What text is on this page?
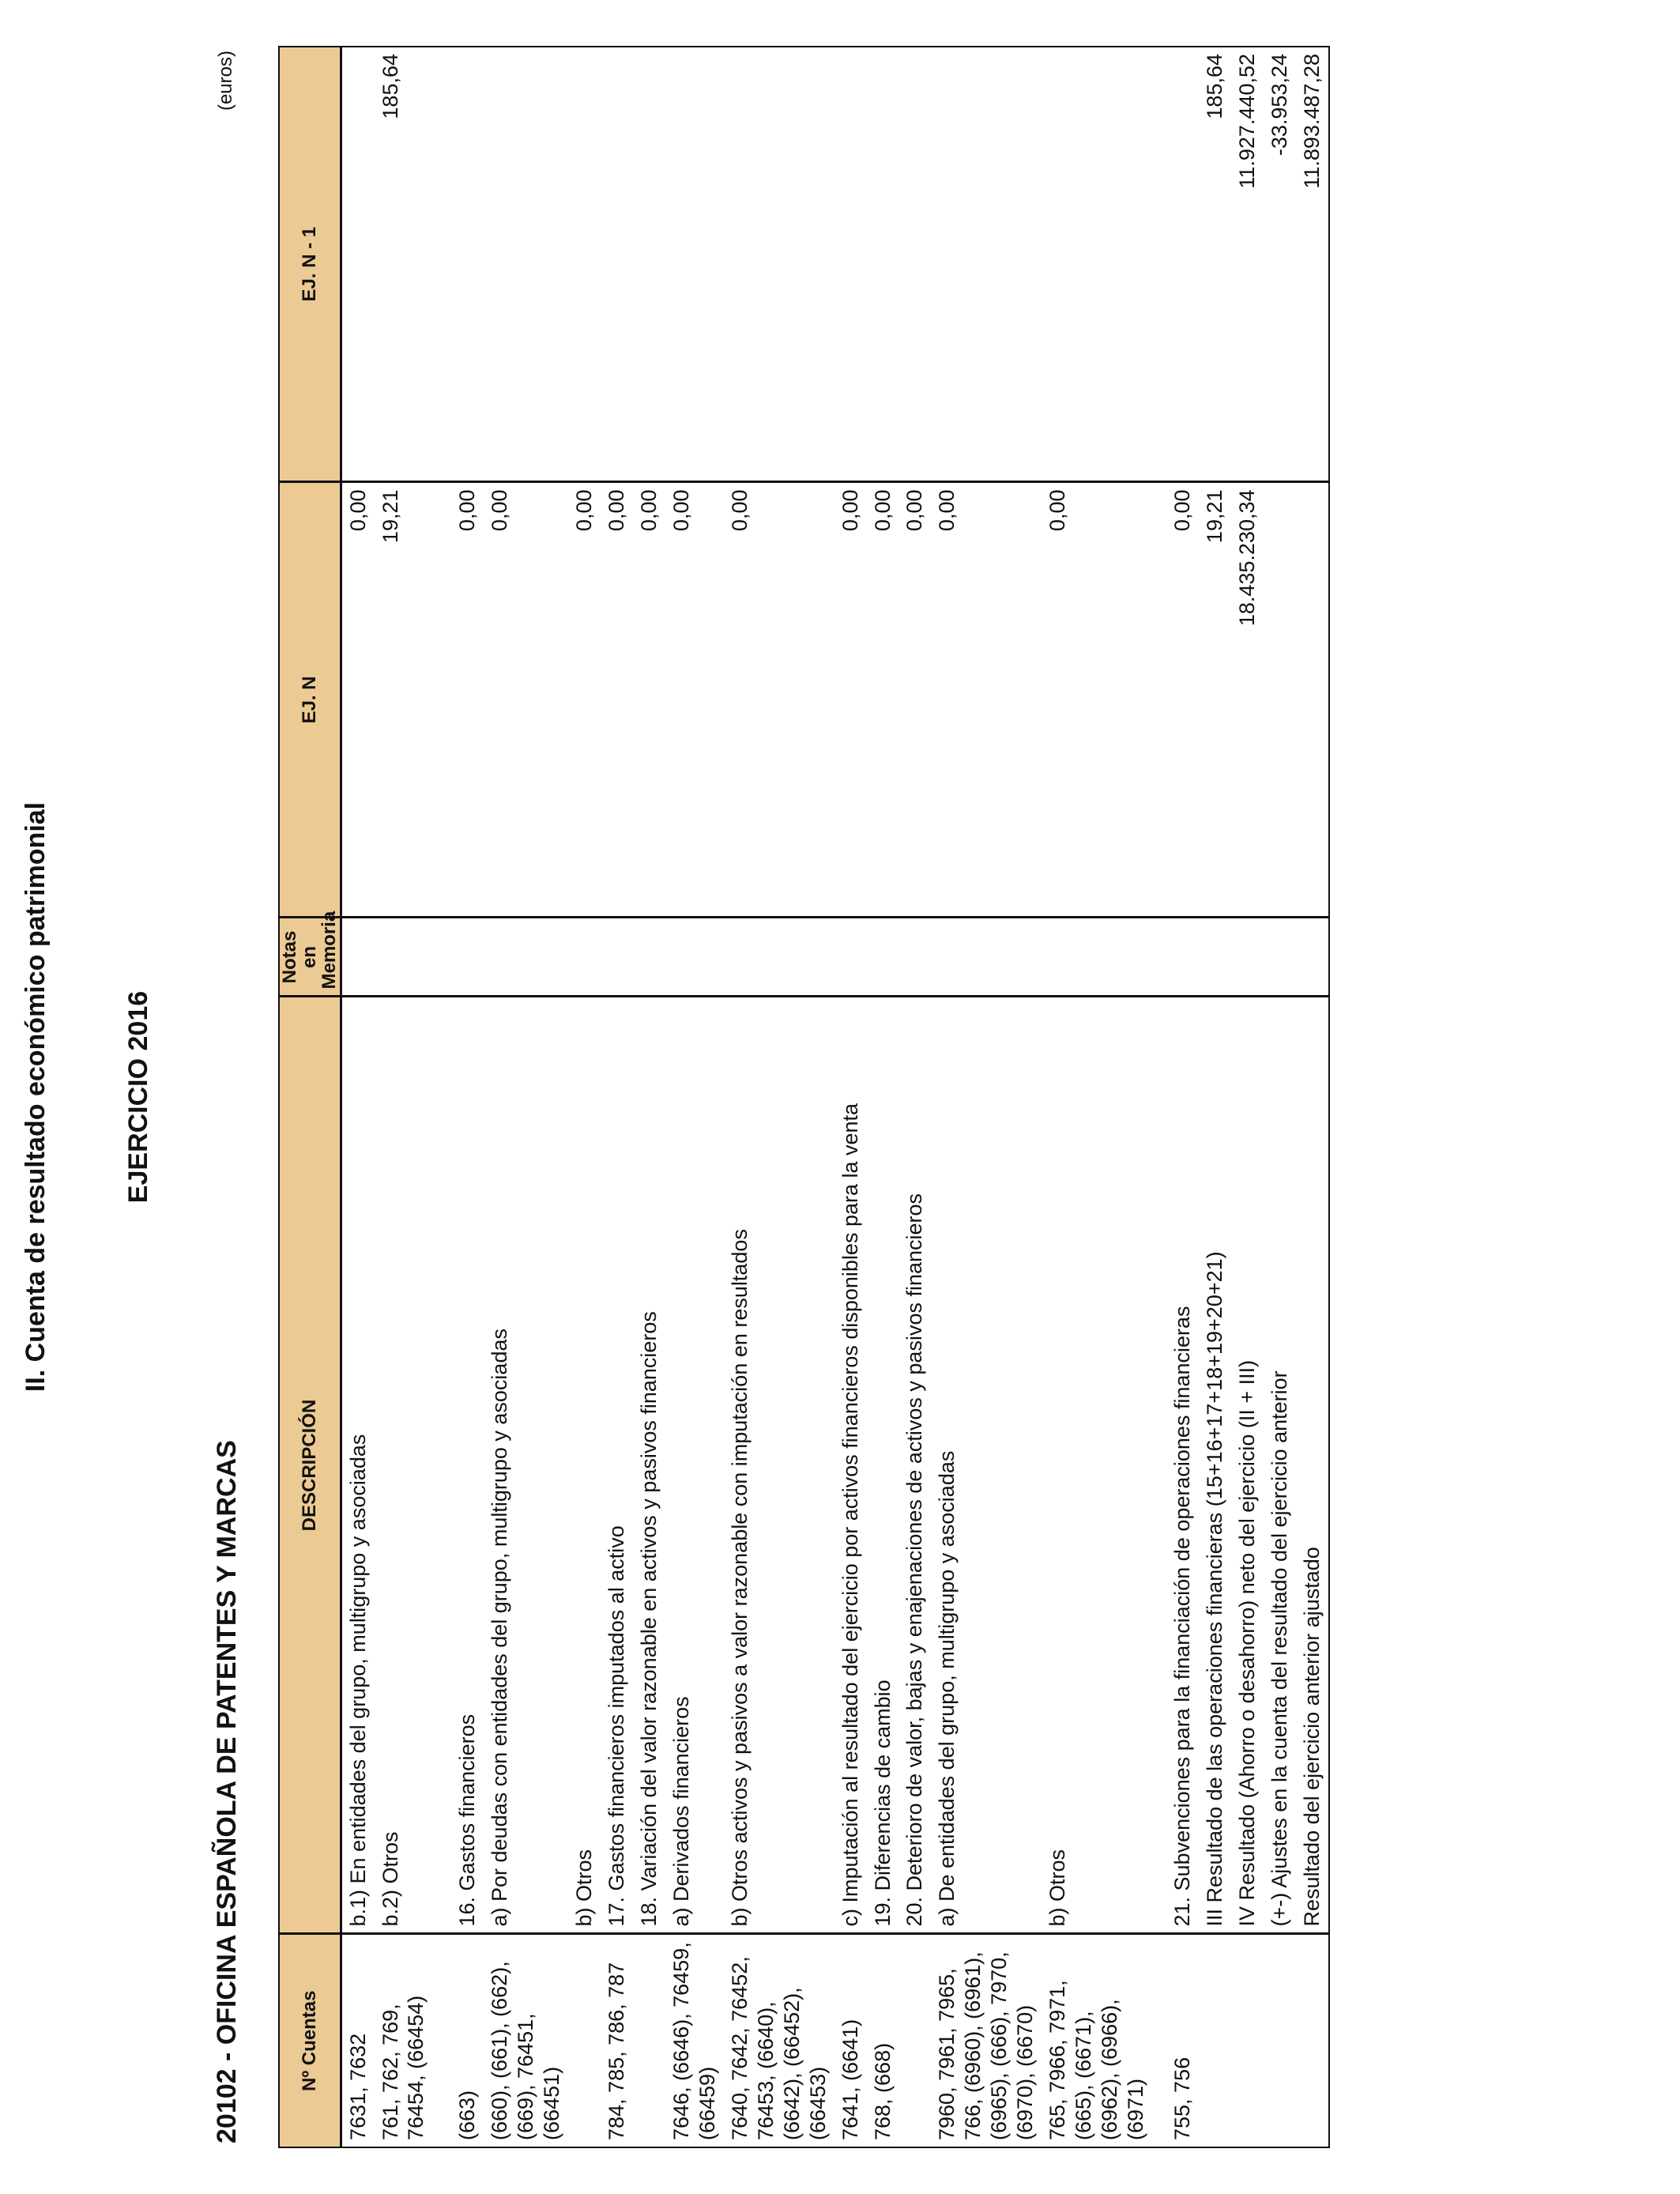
II. Cuenta de resultado económico patrimonial	EJERCICIO 2016
20102 - OFICINA ESPAÑOLA DE PATENTES Y MARCAS
(euros)
Nº Cuentas	DESCRIPCIÓN	Notas en Memoria	EJ. N	EJ. N - 1
7631, 7632	b.1) En entidades del grupo, multigrupo y asociadas		0,00	
761, 762, 769, 76454, (66454)	b.2) Otros		19,21	185,64
(663)	16. Gastos financieros		0,00	
(660), (661), (662), (669), 76451, (66451)	a) Por deudas con entidades del grupo, multigrupo y asociadas		0,00	
	b) Otros		0,00	
784, 785, 786, 787	17. Gastos financieros imputados al activo		0,00	
	18. Variación del valor razonable en activos y pasivos financieros		0,00	
7646, (6646), 76459, (66459)	a) Derivados financieros		0,00	
7640, 7642, 76452, 76453, (6640), (6642), (66452), (66453)	b) Otros activos y pasivos a valor razonable con imputación en resultados		0,00	
7641, (6641)	c) Imputación al resultado del ejercicio por activos financieros disponibles para la venta		0,00	
768, (668)	19. Diferencias de cambio		0,00	
	20. Deterioro de valor, bajas y enajenaciones de activos y pasivos financieros		0,00	
7960, 7961, 7965, 766, (6960), (6961), (6965), (666), 7970, (6970), (6670)	a) De entidades del grupo, multigrupo y asociadas		0,00	
765, 7966, 7971, (665), (6671), (6962), (6966), (6971)	b) Otros		0,00	
755, 756	21. Subvenciones para la financiación de operaciones financieras		0,00	
	III Resultado de las operaciones financieras (15+16+17+18+19+20+21)		19,21	185,64
	IV Resultado (Ahorro o desahorro) neto del ejercicio (II + III)		18.435.230,34	11.927.440,52
	(+-) Ajustes en la cuenta del resultado del ejercicio anterior			-33.953,24
	Resultado del ejercicio anterior ajustado			11.893.487,28
